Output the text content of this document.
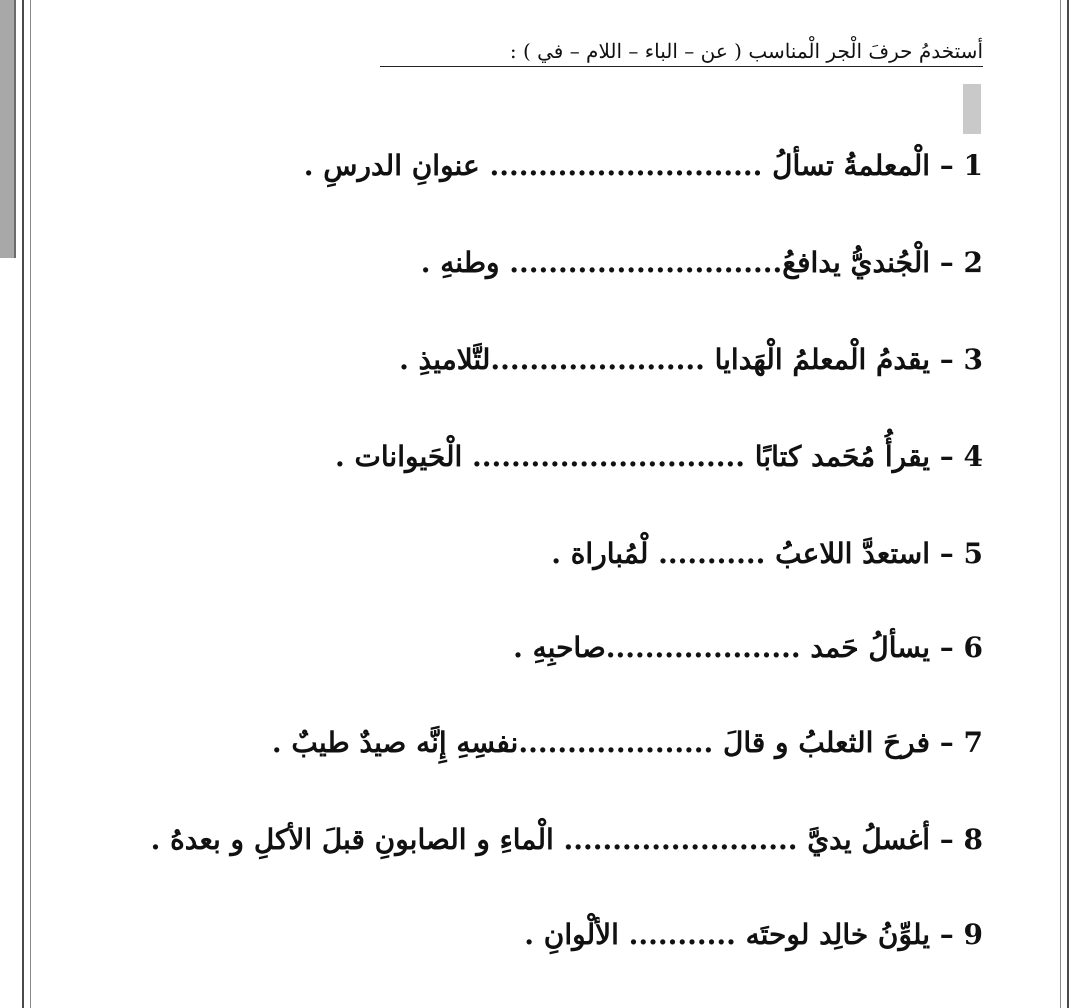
أستخدمُ حرفَ الْجر الْمناسب ( عن – الباء – اللام – في ) :
1 – الْمعلمةُ تسألُ ............................ عنوانِ الدرسِ .
2 – الْجُنديُّ يدافعُ............................ وطنهِ .
3 – يقدمُ الْمعلمُ الْهَدايا ......................لتَّلاميذِ .
4 – يقرأُ مُحَمد كتابًا ............................ الْحَيوانات .
5 – استعدَّ اللاعبُ ........... لْمُباراة .
6 – يسألُ حَمد ....................صاحبِهِ .
7 – فرحَ الثعلبُ و قالَ ....................نفسِهِ إِنَّه صيدٌ طيبٌ .
8 – أغسلُ يديَّ ........................ الْماءِ و الصابونِ قبلَ الأكلِ و بعدهُ .
9 – يلوِّنُ خالِد لوحتَه ........... الألْوانِ .
